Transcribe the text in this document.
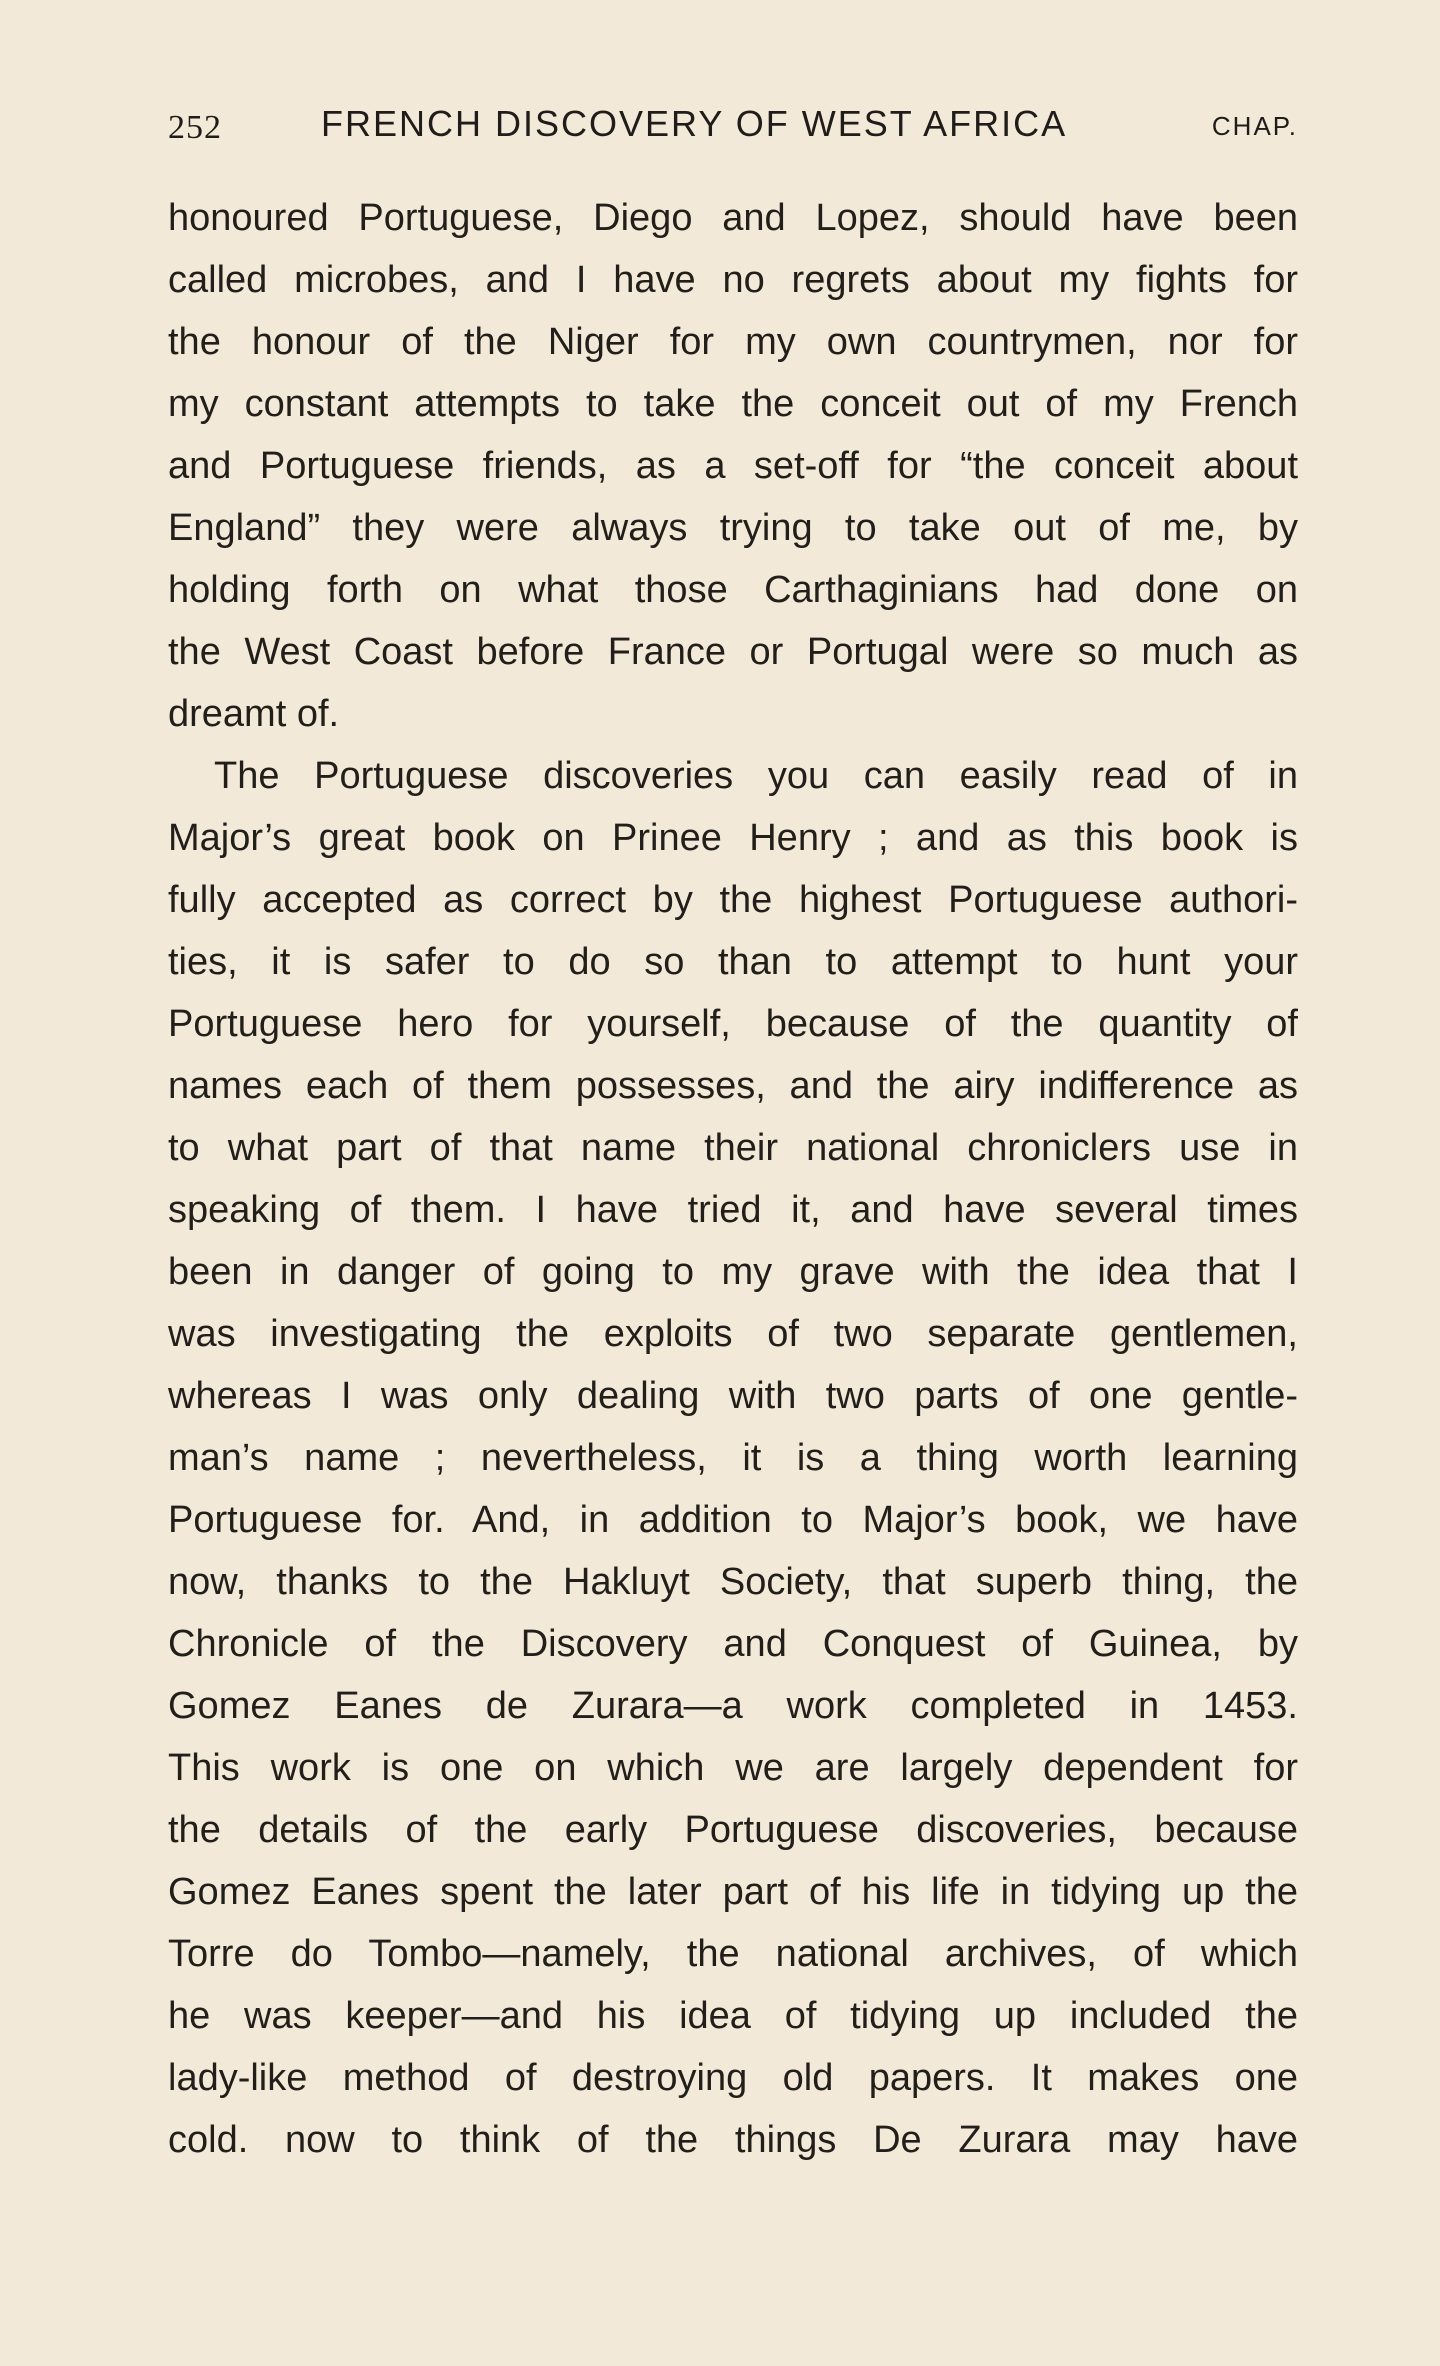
252	FRENCH DISCOVERY OF WEST AFRICA	CHAP.
honoured Portuguese, Diego and Lopez, should have been
called microbes, and I have no regrets about my fights for
the honour of the Niger for my own countrymen, nor for
my constant attempts to take the conceit out of my French
and Portuguese friends, as a set-off for “the conceit about
England” they were always trying to take out of me, by
holding forth on what those Carthaginians had done on
the West Coast before France or Portugal were so much as
dreamt of.
The Portuguese discoveries you can easily read of in
Major’s great book on Prinee Henry ; and as this book is
fully accepted as correct by the highest Portuguese authori-
ties, it is safer to do so than to attempt to hunt your
Portuguese hero for yourself, because of the quantity of
names each of them possesses, and the airy indifference as
to what part of that name their national chroniclers use in
speaking of them. I have tried it, and have several times
been in danger of going to my grave with the idea that I
was investigating the exploits of two separate gentlemen,
whereas I was only dealing with two parts of one gentle-
man’s name ; nevertheless, it is a thing worth learning
Portuguese for. And, in addition to Major’s book, we have
now, thanks to the Hakluyt Society, that superb thing, the
Chronicle of the Discovery and Conquest of Guinea, by
Gomez Eanes de Zurara—a work completed in 1453.
This work is one on which we are largely dependent for
the details of the early Portuguese discoveries, because
Gomez Eanes spent the later part of his life in tidying up the
Torre do Tombo—namely, the national archives, of which
he was keeper—and his idea of tidying up included the
lady-like method of destroying old papers. It makes one
cold. now to think of the things De Zurara may have
